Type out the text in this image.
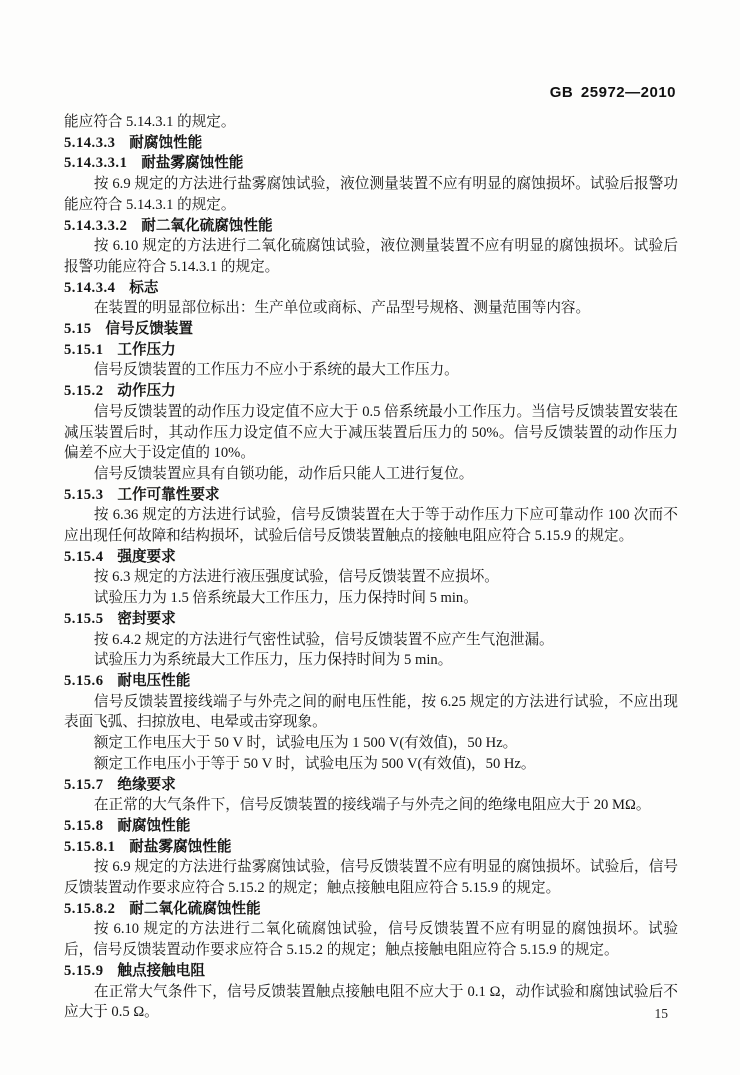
GB 25972—2010
能应符合 5.14.3.1 的规定。
5.14.3.3 耐腐蚀性能
5.14.3.3.1 耐盐雾腐蚀性能
按 6.9 规定的方法进行盐雾腐蚀试验，液位测量装置不应有明显的腐蚀损坏。试验后报警功能应符合 5.14.3.1 的规定。
5.14.3.3.2 耐二氧化硫腐蚀性能
按 6.10 规定的方法进行二氧化硫腐蚀试验，液位测量装置不应有明显的腐蚀损坏。试验后报警功能应符合 5.14.3.1 的规定。
5.14.3.4 标志
在装置的明显部位标出：生产单位或商标、产品型号规格、测量范围等内容。
5.15 信号反馈装置
5.15.1 工作压力
信号反馈装置的工作压力不应小于系统的最大工作压力。
5.15.2 动作压力
信号反馈装置的动作压力设定值不应大于 0.5 倍系统最小工作压力。当信号反馈装置安装在减压装置后时，其动作压力设定值不应大于减压装置后压力的 50%。信号反馈装置的动作压力偏差不应大于设定值的 10%。
信号反馈装置应具有自锁功能，动作后只能人工进行复位。
5.15.3 工作可靠性要求
按 6.36 规定的方法进行试验，信号反馈装置在大于等于动作压力下应可靠动作 100 次而不应出现任何故障和结构损坏，试验后信号反馈装置触点的接触电阻应符合 5.15.9 的规定。
5.15.4 强度要求
按 6.3 规定的方法进行液压强度试验，信号反馈装置不应损坏。
试验压力为 1.5 倍系统最大工作压力，压力保持时间 5 min。
5.15.5 密封要求
按 6.4.2 规定的方法进行气密性试验，信号反馈装置不应产生气泡泄漏。
试验压力为系统最大工作压力，压力保持时间为 5 min。
5.15.6 耐电压性能
信号反馈装置接线端子与外壳之间的耐电压性能，按 6.25 规定的方法进行试验，不应出现表面飞弧、扫掠放电、电晕或击穿现象。
额定工作电压大于 50 V 时，试验电压为 1 500 V(有效值)，50 Hz。
额定工作电压小于等于 50 V 时，试验电压为 500 V(有效值)，50 Hz。
5.15.7 绝缘要求
在正常的大气条件下，信号反馈装置的接线端子与外壳之间的绝缘电阻应大于 20 MΩ。
5.15.8 耐腐蚀性能
5.15.8.1 耐盐雾腐蚀性能
按 6.9 规定的方法进行盐雾腐蚀试验，信号反馈装置不应有明显的腐蚀损坏。试验后，信号反馈装置动作要求应符合 5.15.2 的规定；触点接触电阻应符合 5.15.9 的规定。
5.15.8.2 耐二氧化硫腐蚀性能
按 6.10 规定的方法进行二氧化硫腐蚀试验，信号反馈装置不应有明显的腐蚀损坏。试验后，信号反馈装置动作要求应符合 5.15.2 的规定；触点接触电阻应符合 5.15.9 的规定。
5.15.9 触点接触电阻
在正常大气条件下，信号反馈装置触点接触电阻不应大于 0.1 Ω，动作试验和腐蚀试验后不应大于 0.5 Ω。	15
